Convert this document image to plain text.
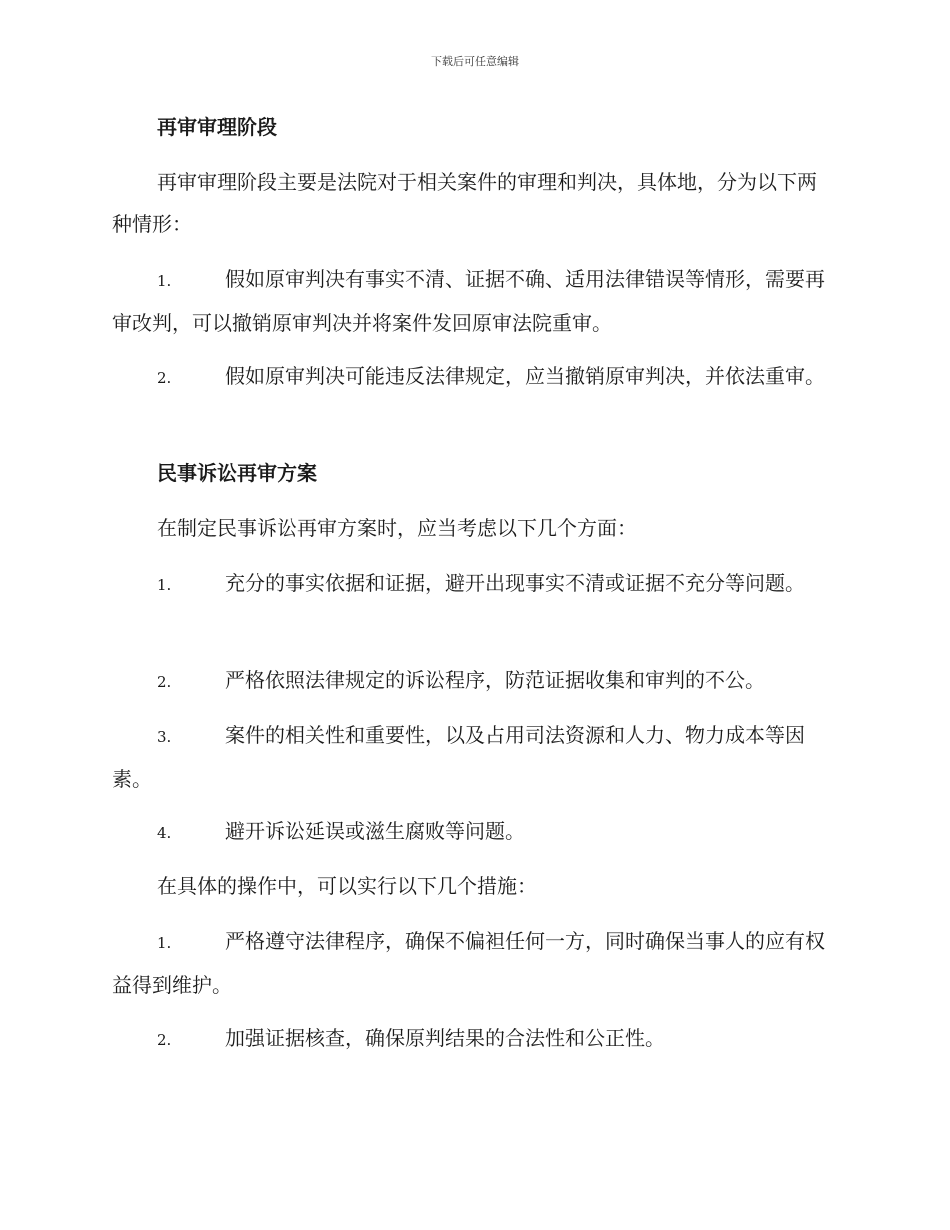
下载后可任意编辑
再审审理阶段
再审审理阶段主要是法院对于相关案件的审理和判决，具体地，分为以下两种情形：
1.	假如原审判决有事实不清、证据不确、适用法律错误等情形，需要再审改判，可以撤销原审判决并将案件发回原审法院重审。
2.	假如原审判决可能违反法律规定，应当撤销原审判决，并依法重审。
民事诉讼再审方案
在制定民事诉讼再审方案时，应当考虑以下几个方面：
1.	充分的事实依据和证据，避开出现事实不清或证据不充分等问题。
2.	严格依照法律规定的诉讼程序，防范证据收集和审判的不公。
3.	案件的相关性和重要性，以及占用司法资源和人力、物力成本等因素。
4.	避开诉讼延误或滋生腐败等问题。
在具体的操作中，可以实行以下几个措施：
1.	严格遵守法律程序，确保不偏袒任何一方，同时确保当事人的应有权益得到维护。
2.	加强证据核查，确保原判结果的合法性和公正性。
